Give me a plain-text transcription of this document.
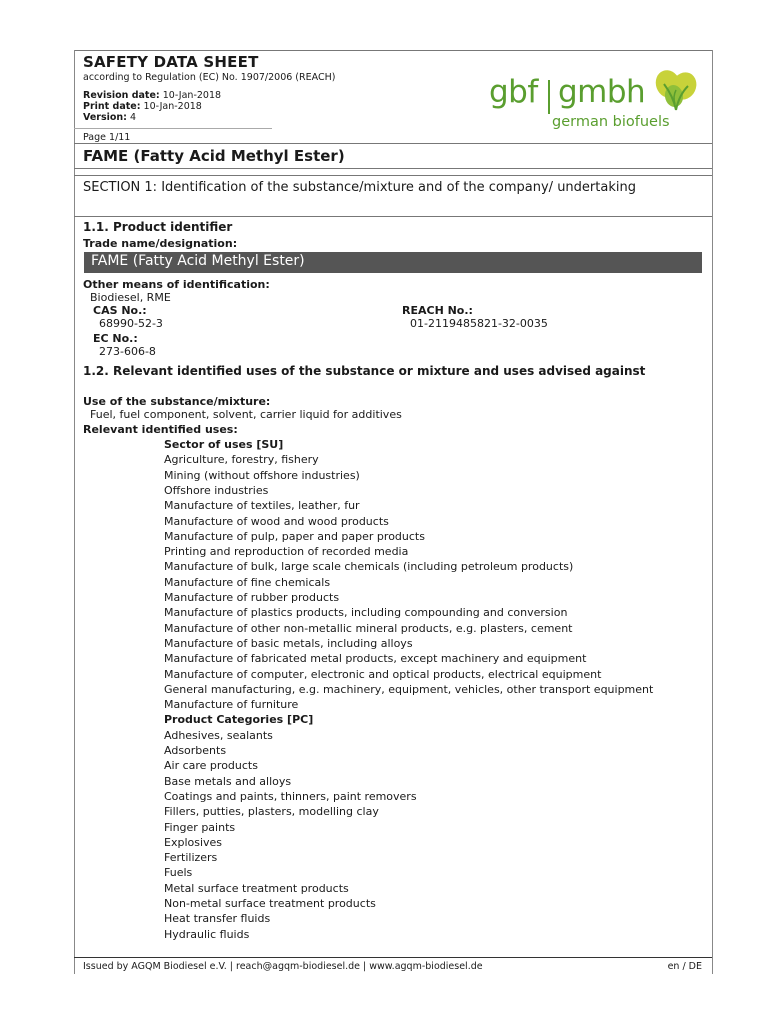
SAFETY DATA SHEET
according to Regulation (EC) No. 1907/2006 (REACH)
Revision date: 10-Jan-2018
Print date: 10-Jan-2018
Version: 4
Page 1/11
gbf gmbh
german biofuels
FAME (Fatty Acid Methyl Ester)
SECTION 1: Identification of the substance/mixture and of the company/ undertaking
1.1. Product identifier
Trade name/designation:
FAME (Fatty Acid Methyl Ester)
Other means of identification:
Biodiesel, RME
CAS No.:
68990-52-3
REACH No.:
01-2119485821-32-0035
EC No.:
273-606-8
1.2. Relevant identified uses of the substance or mixture and uses advised against
Use of the substance/mixture:
Fuel, fuel component, solvent, carrier liquid for additives
Relevant identified uses:
Sector of uses [SU]
Agriculture, forestry, fishery
Mining (without offshore industries)
Offshore industries
Manufacture of textiles, leather, fur
Manufacture of wood and wood products
Manufacture of pulp, paper and paper products
Printing and reproduction of recorded media
Manufacture of bulk, large scale chemicals (including petroleum products)
Manufacture of fine chemicals
Manufacture of rubber products
Manufacture of plastics products, including compounding and conversion
Manufacture of other non-metallic mineral products, e.g. plasters, cement
Manufacture of basic metals, including alloys
Manufacture of fabricated metal products, except machinery and equipment
Manufacture of computer, electronic and optical products, electrical equipment
General manufacturing, e.g. machinery, equipment, vehicles, other transport equipment
Manufacture of furniture
Product Categories [PC]
Adhesives, sealants
Adsorbents
Air care products
Base metals and alloys
Coatings and paints, thinners, paint removers
Fillers, putties, plasters, modelling clay
Finger paints
Explosives
Fertilizers
Fuels
Metal surface treatment products
Non-metal surface treatment products
Heat transfer fluids
Hydraulic fluids
Issued by AGQM Biodiesel e.V. | reach@agqm-biodiesel.de | www.agqm-biodiesel.de	en / DE
